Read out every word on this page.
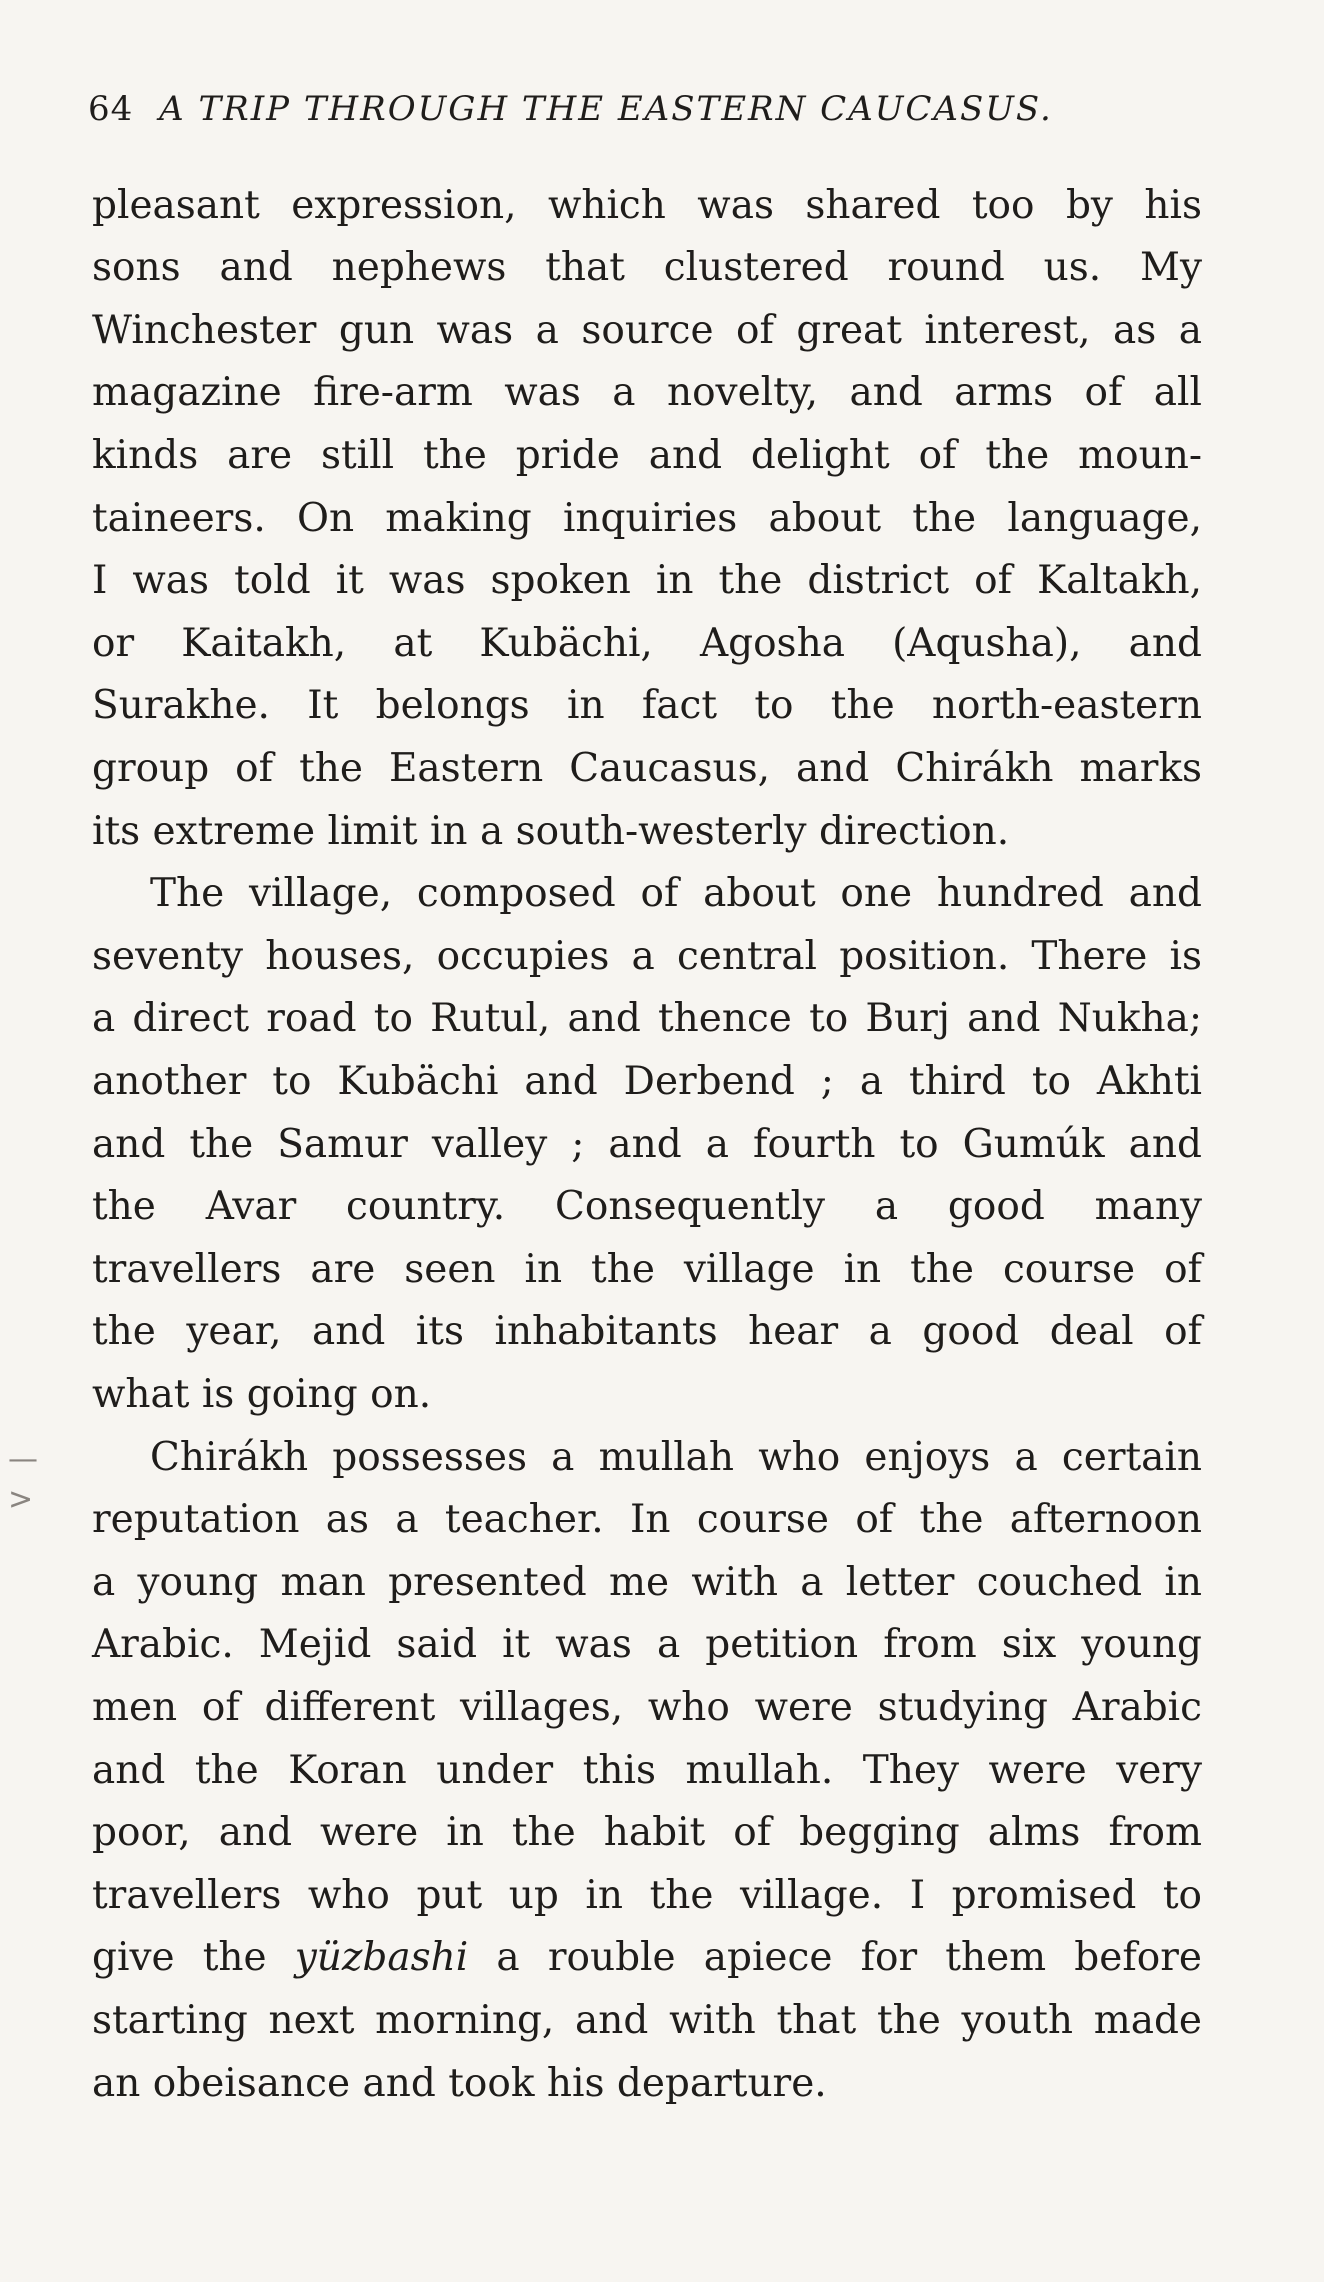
64 A TRIP THROUGH THE EASTERN CAUCASUS.
—>
pleasant expression, which was shared too by his
sons and nephews that clustered round us. My
Winchester gun was a source of great interest, as a
magazine fire-arm was a novelty, and arms of all
kinds are still the pride and delight of the moun-
taineers. On making inquiries about the language,
I was told it was spoken in the district of Kaltakh,
or Kaitakh, at Kubächi, Agosha (Aqusha), and
Surakhe. It belongs in fact to the north-eastern
group of the Eastern Caucasus, and Chirákh marks
its extreme limit in a south-westerly direction.
The village, composed of about one hundred and
seventy houses, occupies a central position. There is
a direct road to Rutul, and thence to Burj and Nukha;
another to Kubächi and Derbend ; a third to Akhti
and the Samur valley ; and a fourth to Gumúk and
the Avar country. Consequently a good many
travellers are seen in the village in the course of
the year, and its inhabitants hear a good deal of
what is going on.
Chirákh possesses a mullah who enjoys a certain
reputation as a teacher. In course of the afternoon
a young man presented me with a letter couched in
Arabic. Mejid said it was a petition from six young
men of different villages, who were studying Arabic
and the Koran under this mullah. They were very
poor, and were in the habit of begging alms from
travellers who put up in the village. I promised to
give the yüzbashi a rouble apiece for them before
starting next morning, and with that the youth made
an obeisance and took his departure.
